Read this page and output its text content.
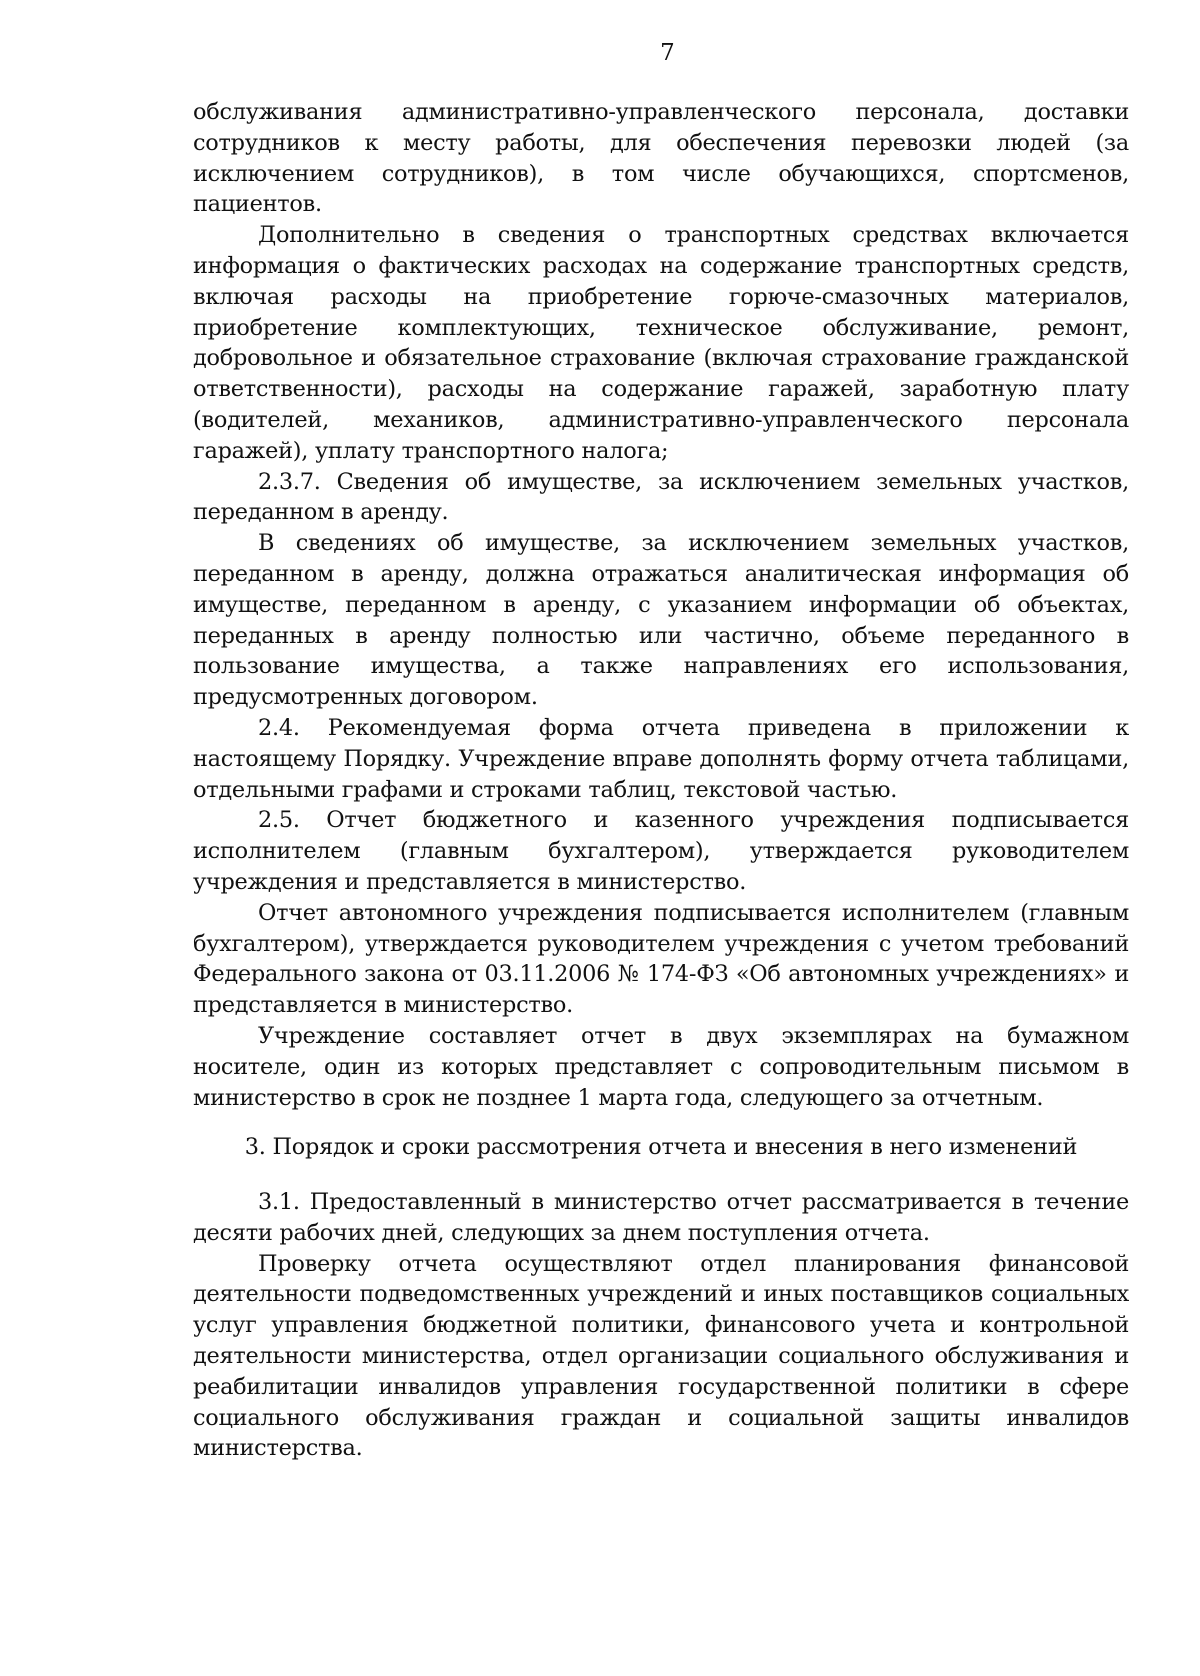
7

обслуживания административно-управленческого персонала, доставки сотрудников к месту работы, для обеспечения перевозки людей (за исключением сотрудников), в том числе обучающихся, спортсменов, пациентов.

Дополнительно в сведения о транспортных средствах включается информация о фактических расходах на содержание транспортных средств, включая расходы на приобретение горюче-смазочных материалов, приобретение комплектующих, техническое обслуживание, ремонт, добровольное и обязательное страхование (включая страхование гражданской ответственности), расходы на содержание гаражей, заработную плату (водителей, механиков, административно-управленческого персонала гаражей), уплату транспортного налога;

2.3.7. Сведения об имуществе, за исключением земельных участков, переданном в аренду.

В сведениях об имуществе, за исключением земельных участков, переданном в аренду, должна отражаться аналитическая информация об имуществе, переданном в аренду, с указанием информации об объектах, переданных в аренду полностью или частично, объеме переданного в пользование имущества, а также направлениях его использования, предусмотренных договором.

2.4. Рекомендуемая форма отчета приведена в приложении к настоящему Порядку. Учреждение вправе дополнять форму отчета таблицами, отдельными графами и строками таблиц, текстовой частью.

2.5. Отчет бюджетного и казенного учреждения подписывается исполнителем (главным бухгалтером), утверждается руководителем учреждения и представляется в министерство.

Отчет автономного учреждения подписывается исполнителем (главным бухгалтером), утверждается руководителем учреждения с учетом требований Федерального закона от 03.11.2006 № 174-ФЗ «Об автономных учреждениях» и представляется в министерство.

Учреждение составляет отчет в двух экземплярах на бумажном носителе, один из которых представляет с сопроводительным письмом в министерство в срок не позднее 1 марта года, следующего за отчетным.

3. Порядок и сроки рассмотрения отчета и внесения в него изменений

3.1. Предоставленный в министерство отчет рассматривается в течение десяти рабочих дней, следующих за днем поступления отчета.

Проверку отчета осуществляют отдел планирования финансовой деятельности подведомственных учреждений и иных поставщиков социальных услуг управления бюджетной политики, финансового учета и контрольной деятельности министерства, отдел организации социального обслуживания и реабилитации инвалидов управления государственной политики в сфере социального обслуживания граждан и социальной защиты инвалидов министерства.
